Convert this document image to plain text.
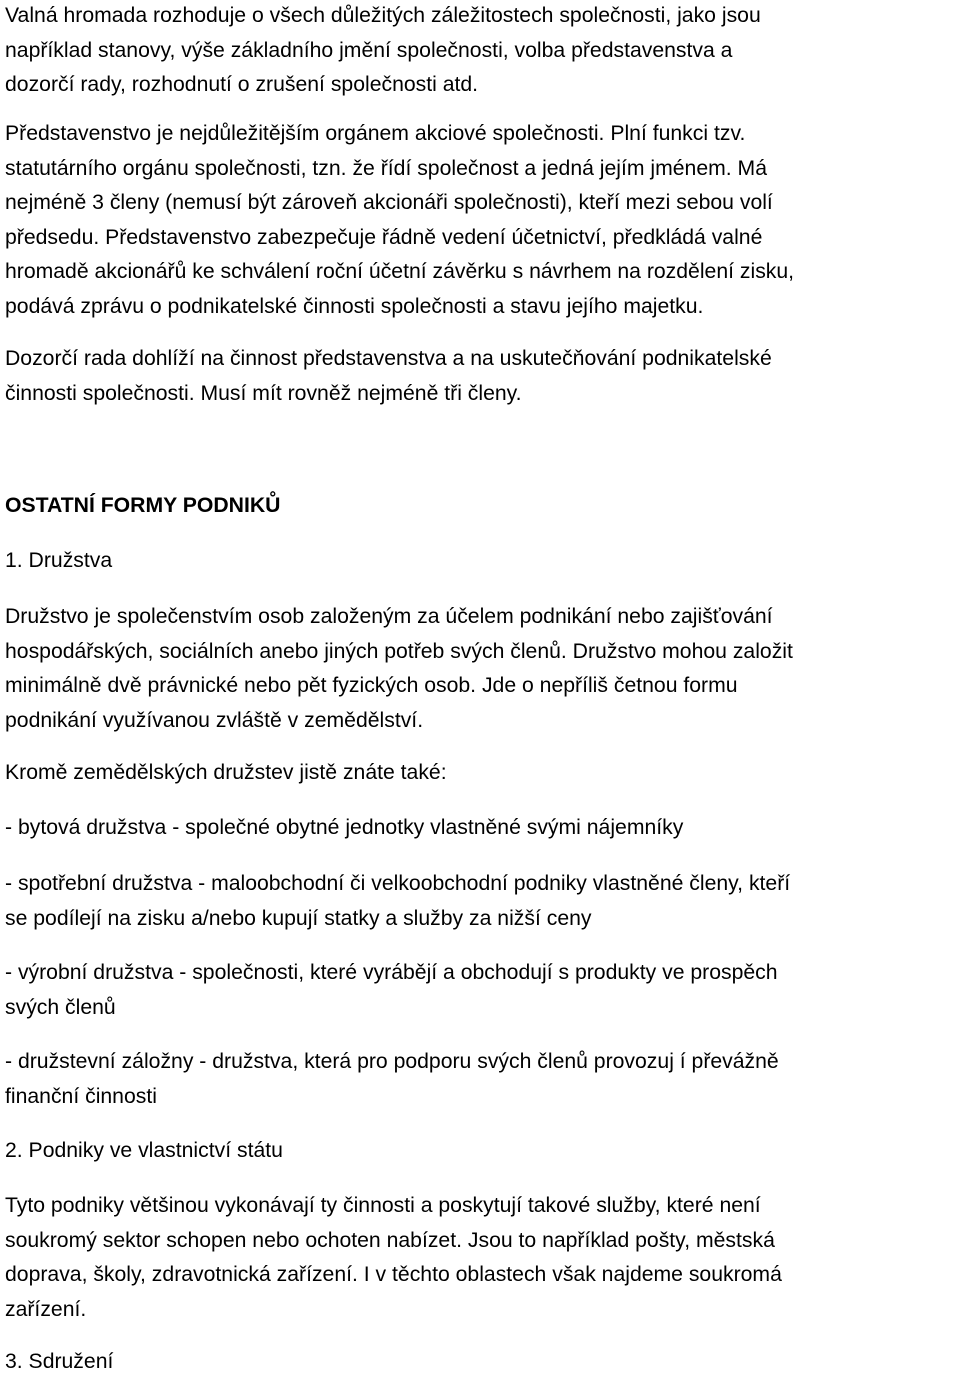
Valná hromada rozhoduje o všech důležitých záležitostech společnosti, jako jsou
například stanovy, výše základního jmění společnosti, volba představenstva a
dozorčí rady, rozhodnutí o zrušení společnosti atd.

Představenstvo je nejdůležitějším orgánem akciové společnosti. Plní funkci tzv.
statutárního orgánu společnosti, tzn. že řídí společnost a jedná jejím jménem. Má
nejméně 3 členy (nemusí být zároveň akcionáři společnosti), kteří mezi sebou volí
předsedu. Představenstvo zabezpečuje řádně vedení účetnictví, předkládá valné
hromadě akcionářů ke schválení roční účetní závěrku s návrhem na rozdělení zisku,
podává zprávu o podnikatelské činnosti společnosti a stavu jejího majetku.

Dozorčí rada dohlíží na činnost představenstva a na uskutečňování podnikatelské
činnosti společnosti. Musí mít rovněž nejméně tři členy.

OSTATNÍ FORMY PODNIKŮ

1. Družstva

Družstvo je společenstvím osob založeným za účelem podnikání nebo zajišťování
hospodářských, sociálních anebo jiných potřeb svých členů. Družstvo mohou založit
minimálně dvě právnické nebo pět fyzických osob. Jde o nepříliš četnou formu
podnikání využívanou zvláště v zemědělství.

Kromě zemědělských družstev jistě znáte také:

- bytová družstva - společné obytné jednotky vlastněné svými nájemníky

- spotřební družstva - maloobchodní či velkoobchodní podniky vlastněné členy, kteří
se podílejí na zisku a/nebo kupují statky a služby za nižší ceny

- výrobní družstva - společnosti, které vyrábějí a obchodují s produkty ve prospěch
svých členů

- družstevní záložny - družstva, která pro podporu svých členů provozuj í převážně
finanční činnosti

2. Podniky ve vlastnictví státu

Tyto podniky většinou vykonávají ty činnosti a poskytují takové služby, které není
soukromý sektor schopen nebo ochoten nabízet. Jsou to například pošty, městská
doprava, školy, zdravotnická zařízení. I v těchto oblastech však najdeme soukromá
zařízení.

3. Sdružení
